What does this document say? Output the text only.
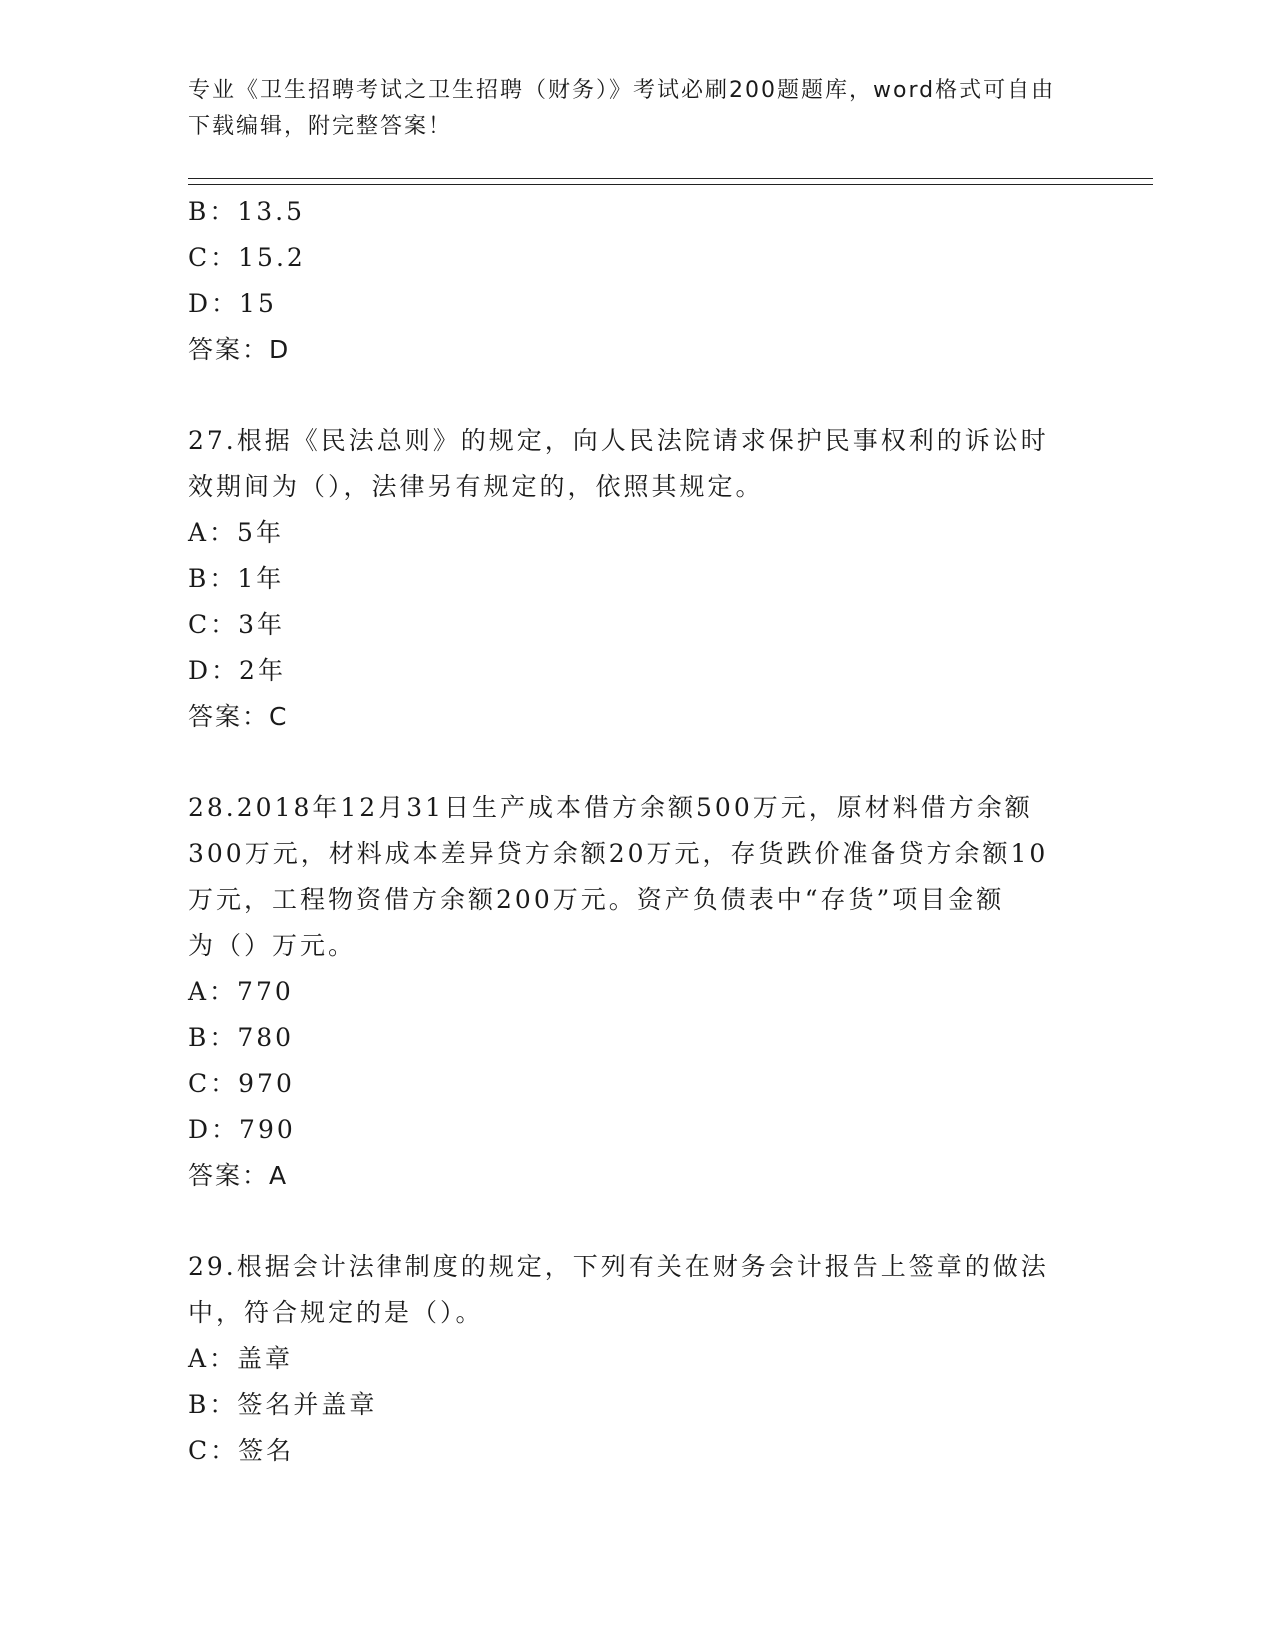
专业《卫生招聘考试之卫生招聘（财务）》考试必刷200题题库，word格式可自由下载编辑，附完整答案！

B：13.5
C：15.2
D：15
答案：D
27.根据《民法总则》的规定，向人民法院请求保护民事权利的诉讼时
效期间为（），法律另有规定的，依照其规定。
A：5年
B：1年
C：3年
D：2年
答案：C
28.2018年12月31日生产成本借方余额500万元，原材料借方余额
300万元，材料成本差异贷方余额20万元，存货跌价准备贷方余额10
万元，工程物资借方余额200万元。资产负债表中“存货”项目金额
为（）万元。
A：770
B：780
C：970
D：790
答案：A
29.根据会计法律制度的规定，下列有关在财务会计报告上签章的做法
中，符合规定的是（）。
A：盖章
B：签名并盖章
C：签名
